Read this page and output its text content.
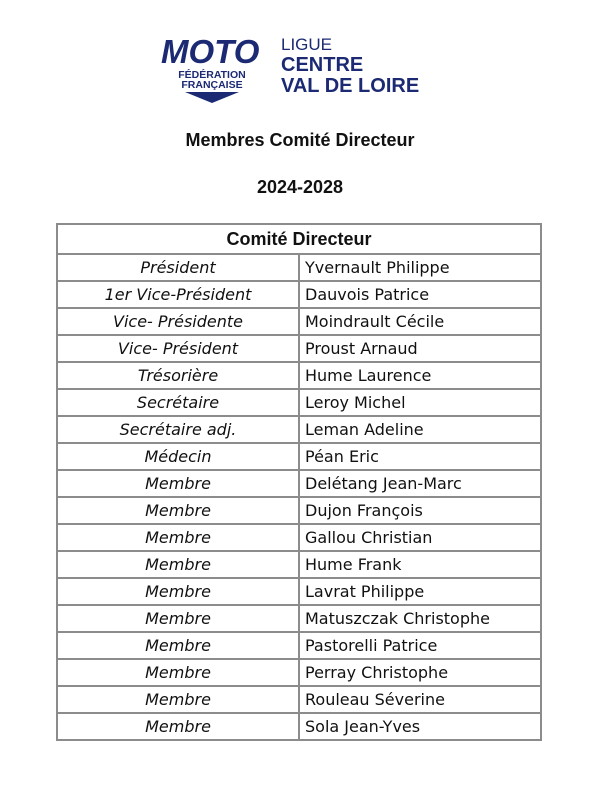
MOTO
FÉDÉRATION
FRANÇAISE
LIGUE
CENTRE
VAL DE LOIRE
Membres Comité Directeur
2024-2028
Comité Directeur	
Président	Yvernault Philippe
1er Vice-Président	Dauvois Patrice
Vice- Présidente	Moindrault Cécile
Vice- Président	Proust Arnaud
Trésorière	Hume Laurence
Secrétaire	Leroy Michel
Secrétaire adj.	Leman Adeline
Médecin	Péan Eric
Membre	Delétang Jean-Marc
Membre	Dujon François
Membre	Gallou Christian
Membre	Hume Frank
Membre	Lavrat Philippe
Membre	Matuszczak Christophe
Membre	Pastorelli Patrice
Membre	Perray Christophe
Membre	Rouleau Séverine
Membre	Sola Jean-Yves
